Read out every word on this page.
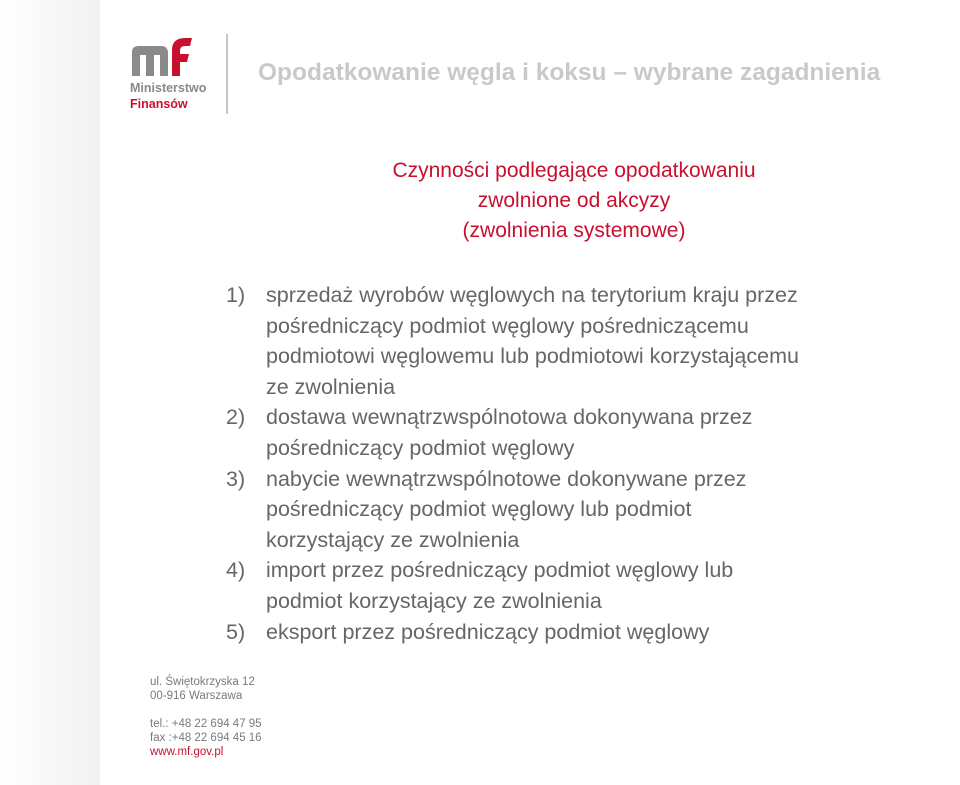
Ministerstwo
Finansów
Opodatkowanie węgla i koksu – wybrane zagadnienia
Czynności podlegające opodatkowaniu
zwolnione od akcyzy
(zwolnienia systemowe)
1) sprzedaż wyrobów węglowych na terytorium kraju przez
pośredniczący podmiot węglowy pośredniczącemu
podmiotowi węglowemu lub podmiotowi korzystającemu
ze zwolnienia
2) dostawa wewnątrzwspólnotowa dokonywana przez
pośredniczący podmiot węglowy
3) nabycie wewnątrzwspólnotowe dokonywane przez
pośredniczący podmiot węglowy lub podmiot
korzystający ze zwolnienia
4) import przez pośredniczący podmiot węglowy lub
podmiot korzystający ze zwolnienia
5) eksport przez pośredniczący podmiot węglowy
ul. Świętokrzyska 12
00-916 Warszawa
tel.: +48 22 694 47 95
fax :+48 22 694 45 16
www.mf.gov.pl
